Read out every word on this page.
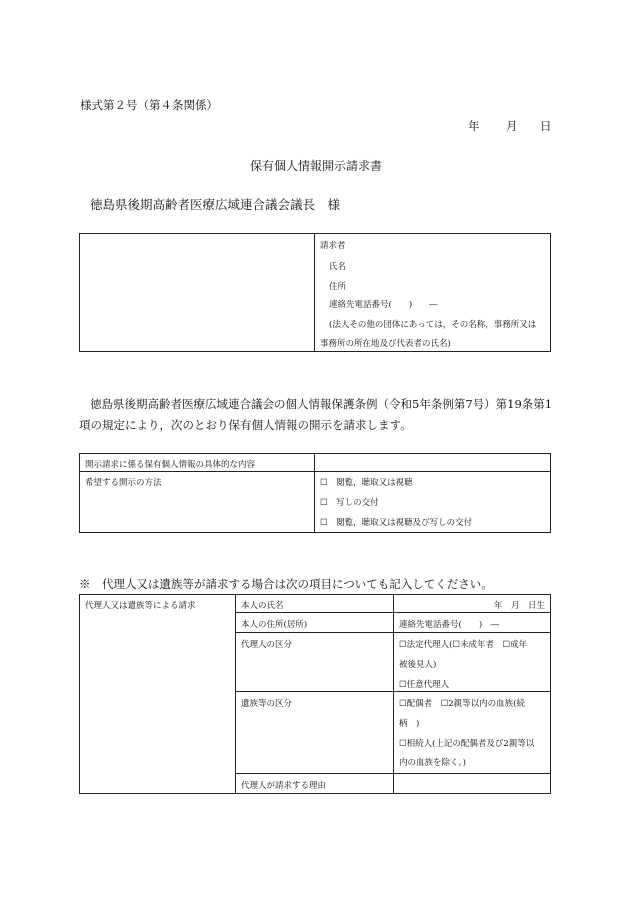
様式第２号（第４条関係）
年 月 日
保有個人情報開示請求書
徳島県後期高齢者医療広域連合議会議長　様

請求者
氏名
住所
連絡先電話番号(　　)　　―
(法人その他の団体にあっては，その名称，事務所又は
事務所の所在地及び代表者の氏名)
徳島県後期高齢者医療広域連合議会の個人情報保護条例（令和5年条例第7号）第19条第1
項の規定により，次のとおり保有個人情報の開示を請求します。
開示請求に係る保有個人情報の具体的な内容	

希望する開示の方法	☐　閲覧，聴取又は視聴
☐　写しの交付
☐　閲覧，聴取又は視聴及び写しの交付
※　代理人又は遺族等が請求する場合は次の項目についても記入してください。
代理人又は遺族等による請求	本人の氏名	年　月　日生

	本人の住所(居所)	連絡先電話番号(　　)　―

	代理人の区分	☐法定代理人(☐未成年者　☐成年
被後見人)
☐任意代理人

	遺族等の区分	☐配偶者　☐2親等以内の血族(続
柄　)
☐相続人(上記の配偶者及び2親等以
内の血族を除く。)

	代理人が請求する理由	
